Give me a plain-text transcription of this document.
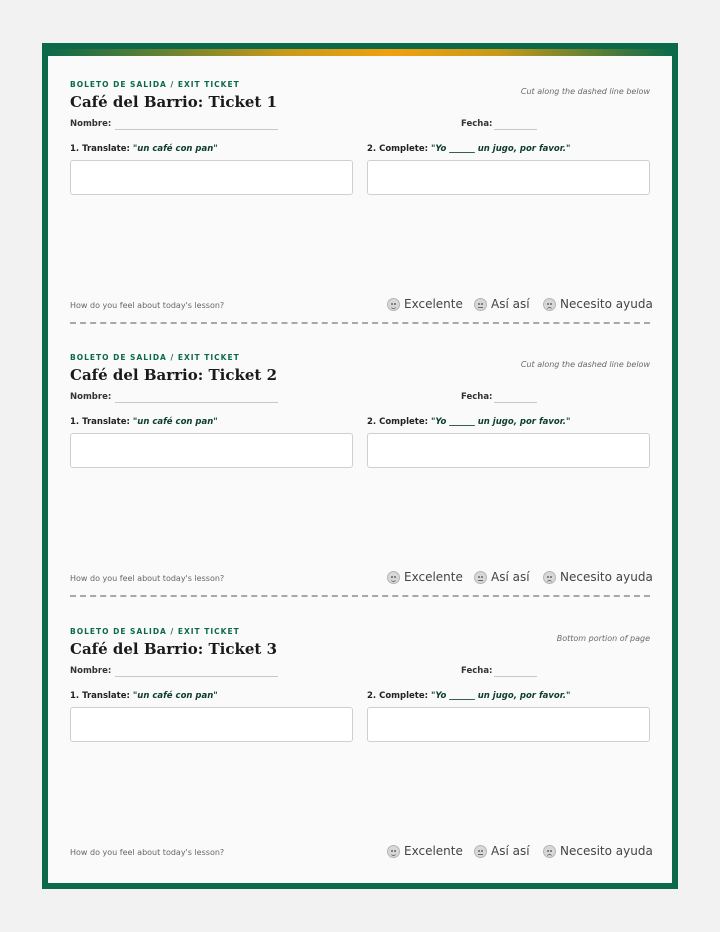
BOLETO DE SALIDA / EXIT TICKET
Café del Barrio: Ticket 1
Cut along the dashed line below
Nombre:	Fecha:
1. Translate: "un café con pan"	2. Complete: "Yo ______ un jugo, por favor."
How do you feel about today's lesson?	Excelente Así así	Necesito ayuda
BOLETO DE SALIDA / EXIT TICKET
Café del Barrio: Ticket 2
Cut along the dashed line below
Nombre:	Fecha:
1. Translate: "un café con pan"	2. Complete: "Yo ______ un jugo, por favor."
How do you feel about today's lesson?	Excelente Así así	Necesito ayuda
BOLETO DE SALIDA / EXIT TICKET
Café del Barrio: Ticket 3
Bottom portion of page
Nombre:	Fecha:
1. Translate: "un café con pan"	2. Complete: "Yo ______ un jugo, por favor."
How do you feel about today's lesson?	Excelente Así así	Necesito ayuda
